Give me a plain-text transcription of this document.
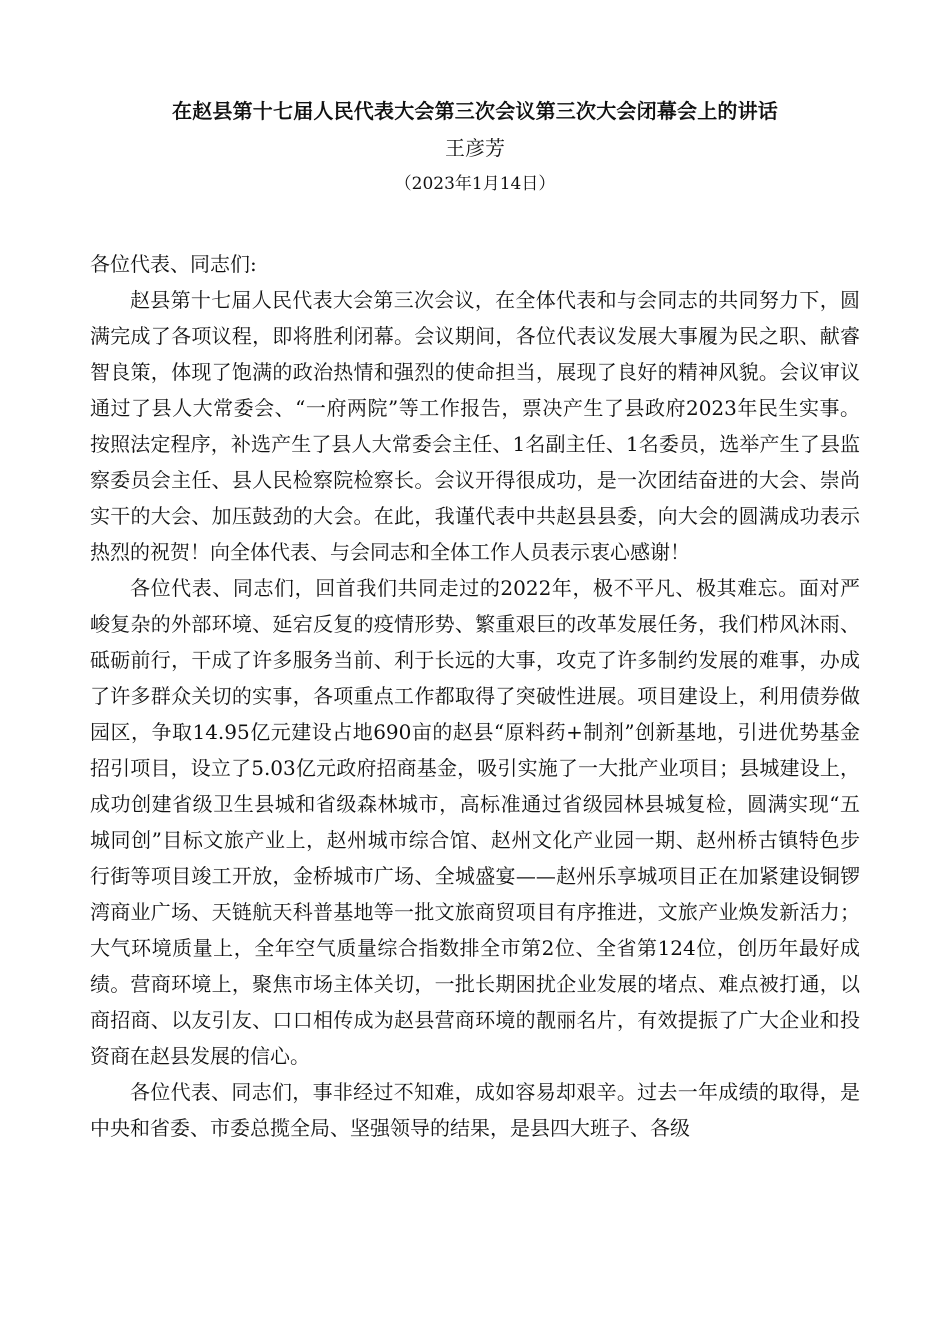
在赵县第十七届人民代表大会第三次会议第三次大会闭幕会上的讲话

王彦芳

（2023年1月14日）

各位代表、同志们:

赵县第十七届人民代表大会第三次会议，在全体代表和与会同志的共同努力下，圆满完成了各项议程，即将胜利闭幕。会议期间，各位代表议发展大事履为民之职、献睿智良策，体现了饱满的政治热情和强烈的使命担当，展现了良好的精神风貌。会议审议通过了县人大常委会、“一府两院”等工作报告，票决产生了县政府2023年民生实事。按照法定程序，补选产生了县人大常委会主任、1名副主任、1名委员，选举产生了县监察委员会主任、县人民检察院检察长。会议开得很成功，是一次团结奋进的大会、崇尚实干的大会、加压鼓劲的大会。在此，我谨代表中共赵县县委，向大会的圆满成功表示热烈的祝贺！向全体代表、与会同志和全体工作人员表示衷心感谢！

各位代表、同志们，回首我们共同走过的2022年，极不平凡、极其难忘。面对严峻复杂的外部环境、延宕反复的疫情形势、繁重艰巨的改革发展任务，我们栉风沐雨、砥砺前行，干成了许多服务当前、利于长远的大事，攻克了许多制约发展的难事，办成了许多群众关切的实事，各项重点工作都取得了突破性进展。项目建设上，利用债券做园区，争取14.95亿元建设占地690亩的赵县“原料药+制剂”创新基地，引进优势基金招引项目，设立了5.03亿元政府招商基金，吸引实施了一大批产业项目；县城建设上，成功创建省级卫生县城和省级森林城市，高标准通过省级园林县城复检，圆满实现“五城同创”目标文旅产业上，赵州城市综合馆、赵州文化产业园一期、赵州桥古镇特色步行街等项目竣工开放，金桥城市广场、全城盛宴——赵州乐享城项目正在加紧建设铜锣湾商业广场、天链航天科普基地等一批文旅商贸项目有序推进，文旅产业焕发新活力；大气环境质量上，全年空气质量综合指数排全市第2位、全省第124位，创历年最好成绩。营商环境上，聚焦市场主体关切，一批长期困扰企业发展的堵点、难点被打通，以商招商、以友引友、口口相传成为赵县营商环境的靓丽名片，有效提振了广大企业和投资商在赵县发展的信心。

各位代表、同志们，事非经过不知难，成如容易却艰辛。过去一年成绩的取得，是中央和省委、市委总揽全局、坚强领导的结果，是县四大班子、各级
